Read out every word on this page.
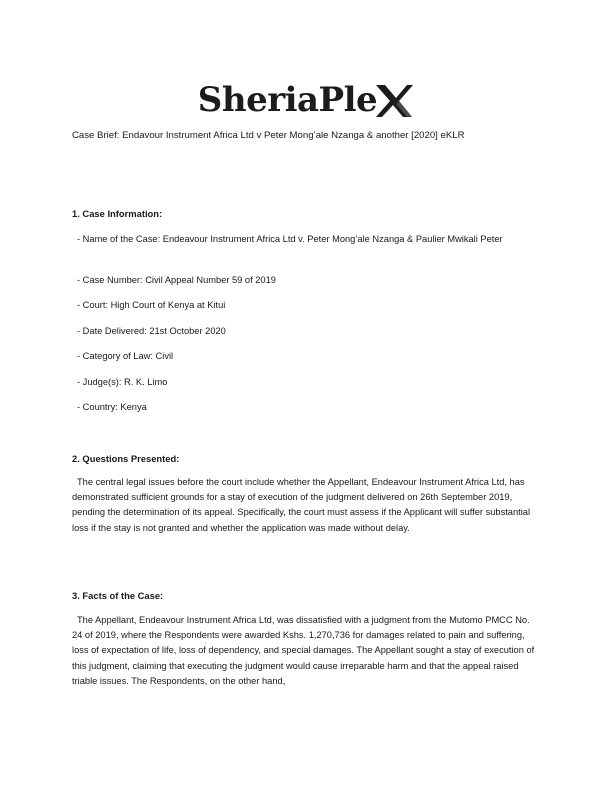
SheriaPle
Case Brief: Endavour Instrument Africa Ltd v Peter Mong’ale Nzanga & another [2020] eKLR
1. Case Information:
- Name of the Case: Endeavour Instrument Africa Ltd v. Peter Mong’ale Nzanga & Paulier Mwikali Peter
- Case Number: Civil Appeal Number 59 of 2019
- Court: High Court of Kenya at Kitui
- Date Delivered: 21st October 2020
- Category of Law: Civil
- Judge(s): R. K. Limo
- Country: Kenya
2. Questions Presented:
The central legal issues before the court include whether the Appellant, Endeavour Instrument Africa Ltd, has demonstrated sufficient grounds for a stay of execution of the judgment delivered on 26th September 2019, pending the determination of its appeal. Specifically, the court must assess if the Applicant will suffer substantial loss if the stay is not granted and whether the application was made without delay.
3. Facts of the Case:
The Appellant, Endeavour Instrument Africa Ltd, was dissatisfied with a judgment from the Mutomo PMCC No. 24 of 2019, where the Respondents were awarded Kshs. 1,270,736 for damages related to pain and suffering, loss of expectation of life, loss of dependency, and special damages. The Appellant sought a stay of execution of this judgment, claiming that executing the judgment would cause irreparable harm and that the appeal raised triable issues. The Respondents, on the other hand,
